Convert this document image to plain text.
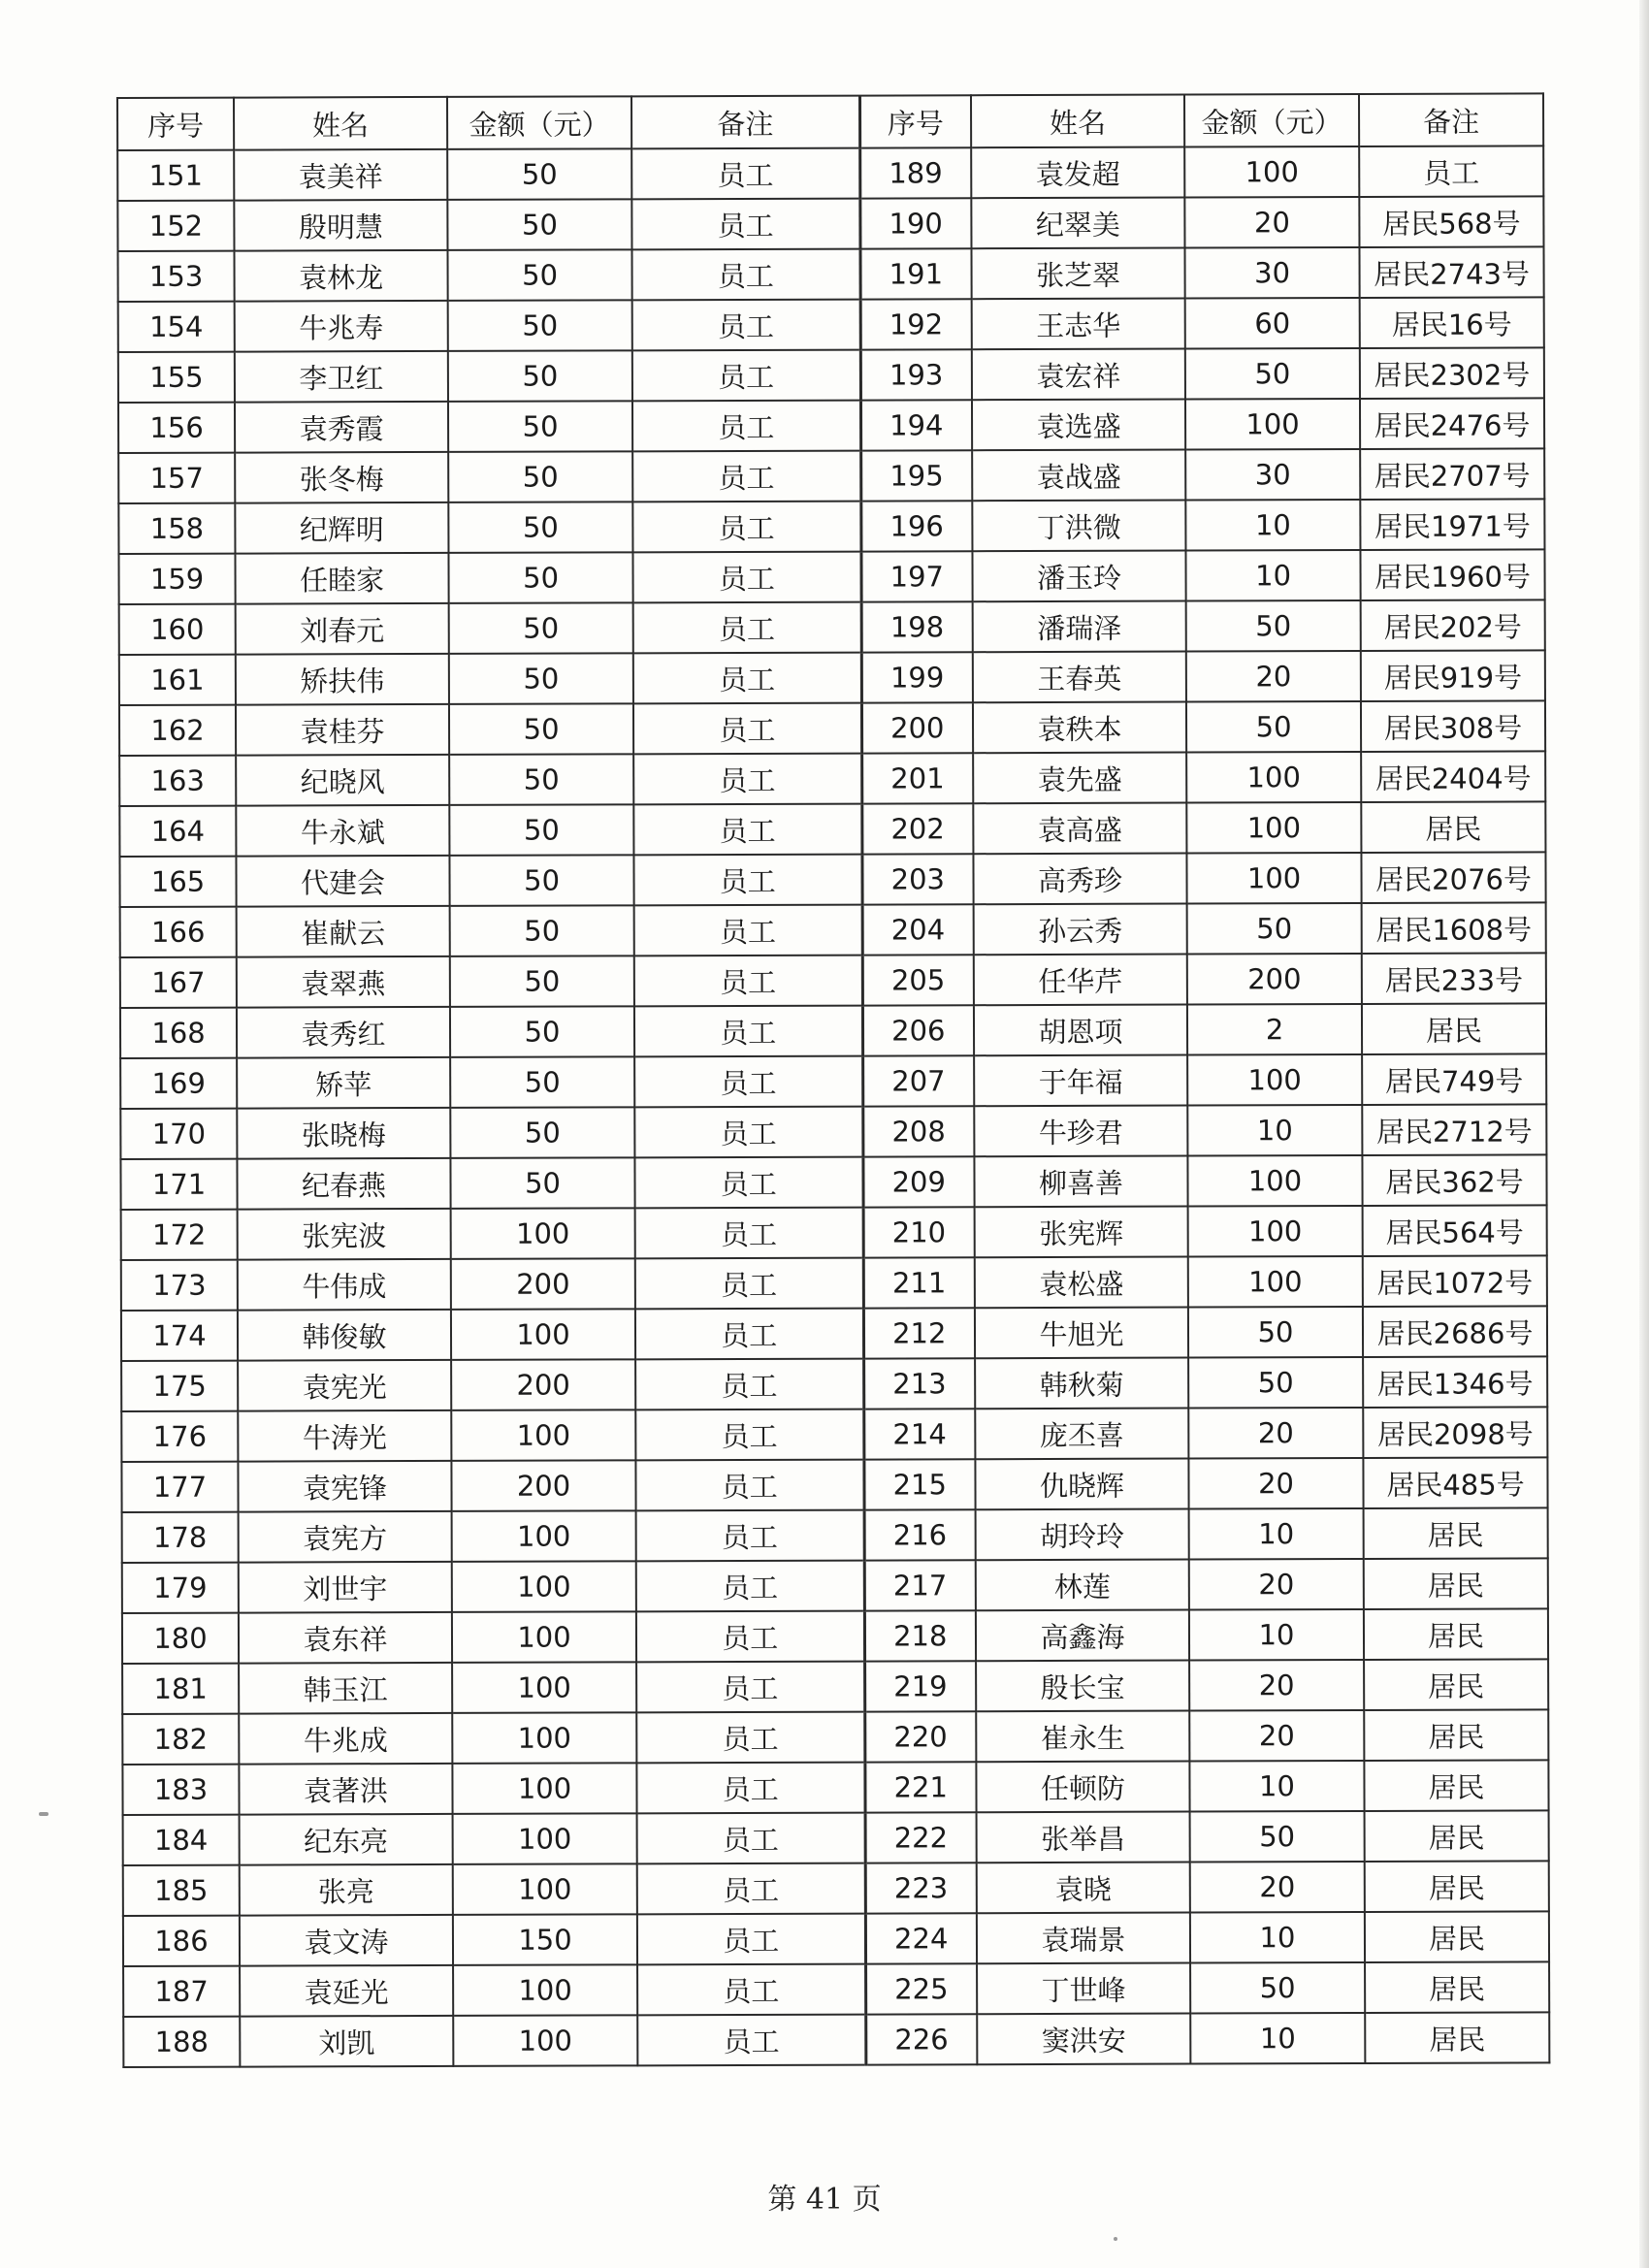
序号	姓名	金额（元）	备注	序号	姓名	金额（元）	备注
151	袁美祥	50	员工	189	袁发超	100	员工
152	殷明慧	50	员工	190	纪翠美	20	居民568号
153	袁林龙	50	员工	191	张芝翠	30	居民2743号
154	牛兆寿	50	员工	192	王志华	60	居民16号
155	李卫红	50	员工	193	袁宏祥	50	居民2302号
156	袁秀霞	50	员工	194	袁选盛	100	居民2476号
157	张冬梅	50	员工	195	袁战盛	30	居民2707号
158	纪辉明	50	员工	196	丁洪微	10	居民1971号
159	任睦家	50	员工	197	潘玉玲	10	居民1960号
160	刘春元	50	员工	198	潘瑞泽	50	居民202号
161	矫扶伟	50	员工	199	王春英	20	居民919号
162	袁桂芬	50	员工	200	袁秩本	50	居民308号
163	纪晓风	50	员工	201	袁先盛	100	居民2404号
164	牛永斌	50	员工	202	袁高盛	100	居民
165	代建会	50	员工	203	高秀珍	100	居民2076号
166	崔献云	50	员工	204	孙云秀	50	居民1608号
167	袁翠燕	50	员工	205	任华芹	200	居民233号
168	袁秀红	50	员工	206	胡恩项	2	居民
169	矫苹	50	员工	207	于年福	100	居民749号
170	张晓梅	50	员工	208	牛珍君	10	居民2712号
171	纪春燕	50	员工	209	柳喜善	100	居民362号
172	张宪波	100	员工	210	张宪辉	100	居民564号
173	牛伟成	200	员工	211	袁松盛	100	居民1072号
174	韩俊敏	100	员工	212	牛旭光	50	居民2686号
175	袁宪光	200	员工	213	韩秋菊	50	居民1346号
176	牛涛光	100	员工	214	庞丕喜	20	居民2098号
177	袁宪锋	200	员工	215	仇晓辉	20	居民485号
178	袁宪方	100	员工	216	胡玲玲	10	居民
179	刘世宇	100	员工	217	林莲	20	居民
180	袁东祥	100	员工	218	高鑫海	10	居民
181	韩玉江	100	员工	219	殷长宝	20	居民
182	牛兆成	100	员工	220	崔永生	20	居民
183	袁著洪	100	员工	221	任顿防	10	居民
184	纪东亮	100	员工	222	张举昌	50	居民
185	张亮	100	员工	223	袁晓	20	居民
186	袁文涛	150	员工	224	袁瑞景	10	居民
187	袁延光	100	员工	225	丁世峰	50	居民
188	刘凯	100	员工	226	窦洪安	10	居民
第 41 页
